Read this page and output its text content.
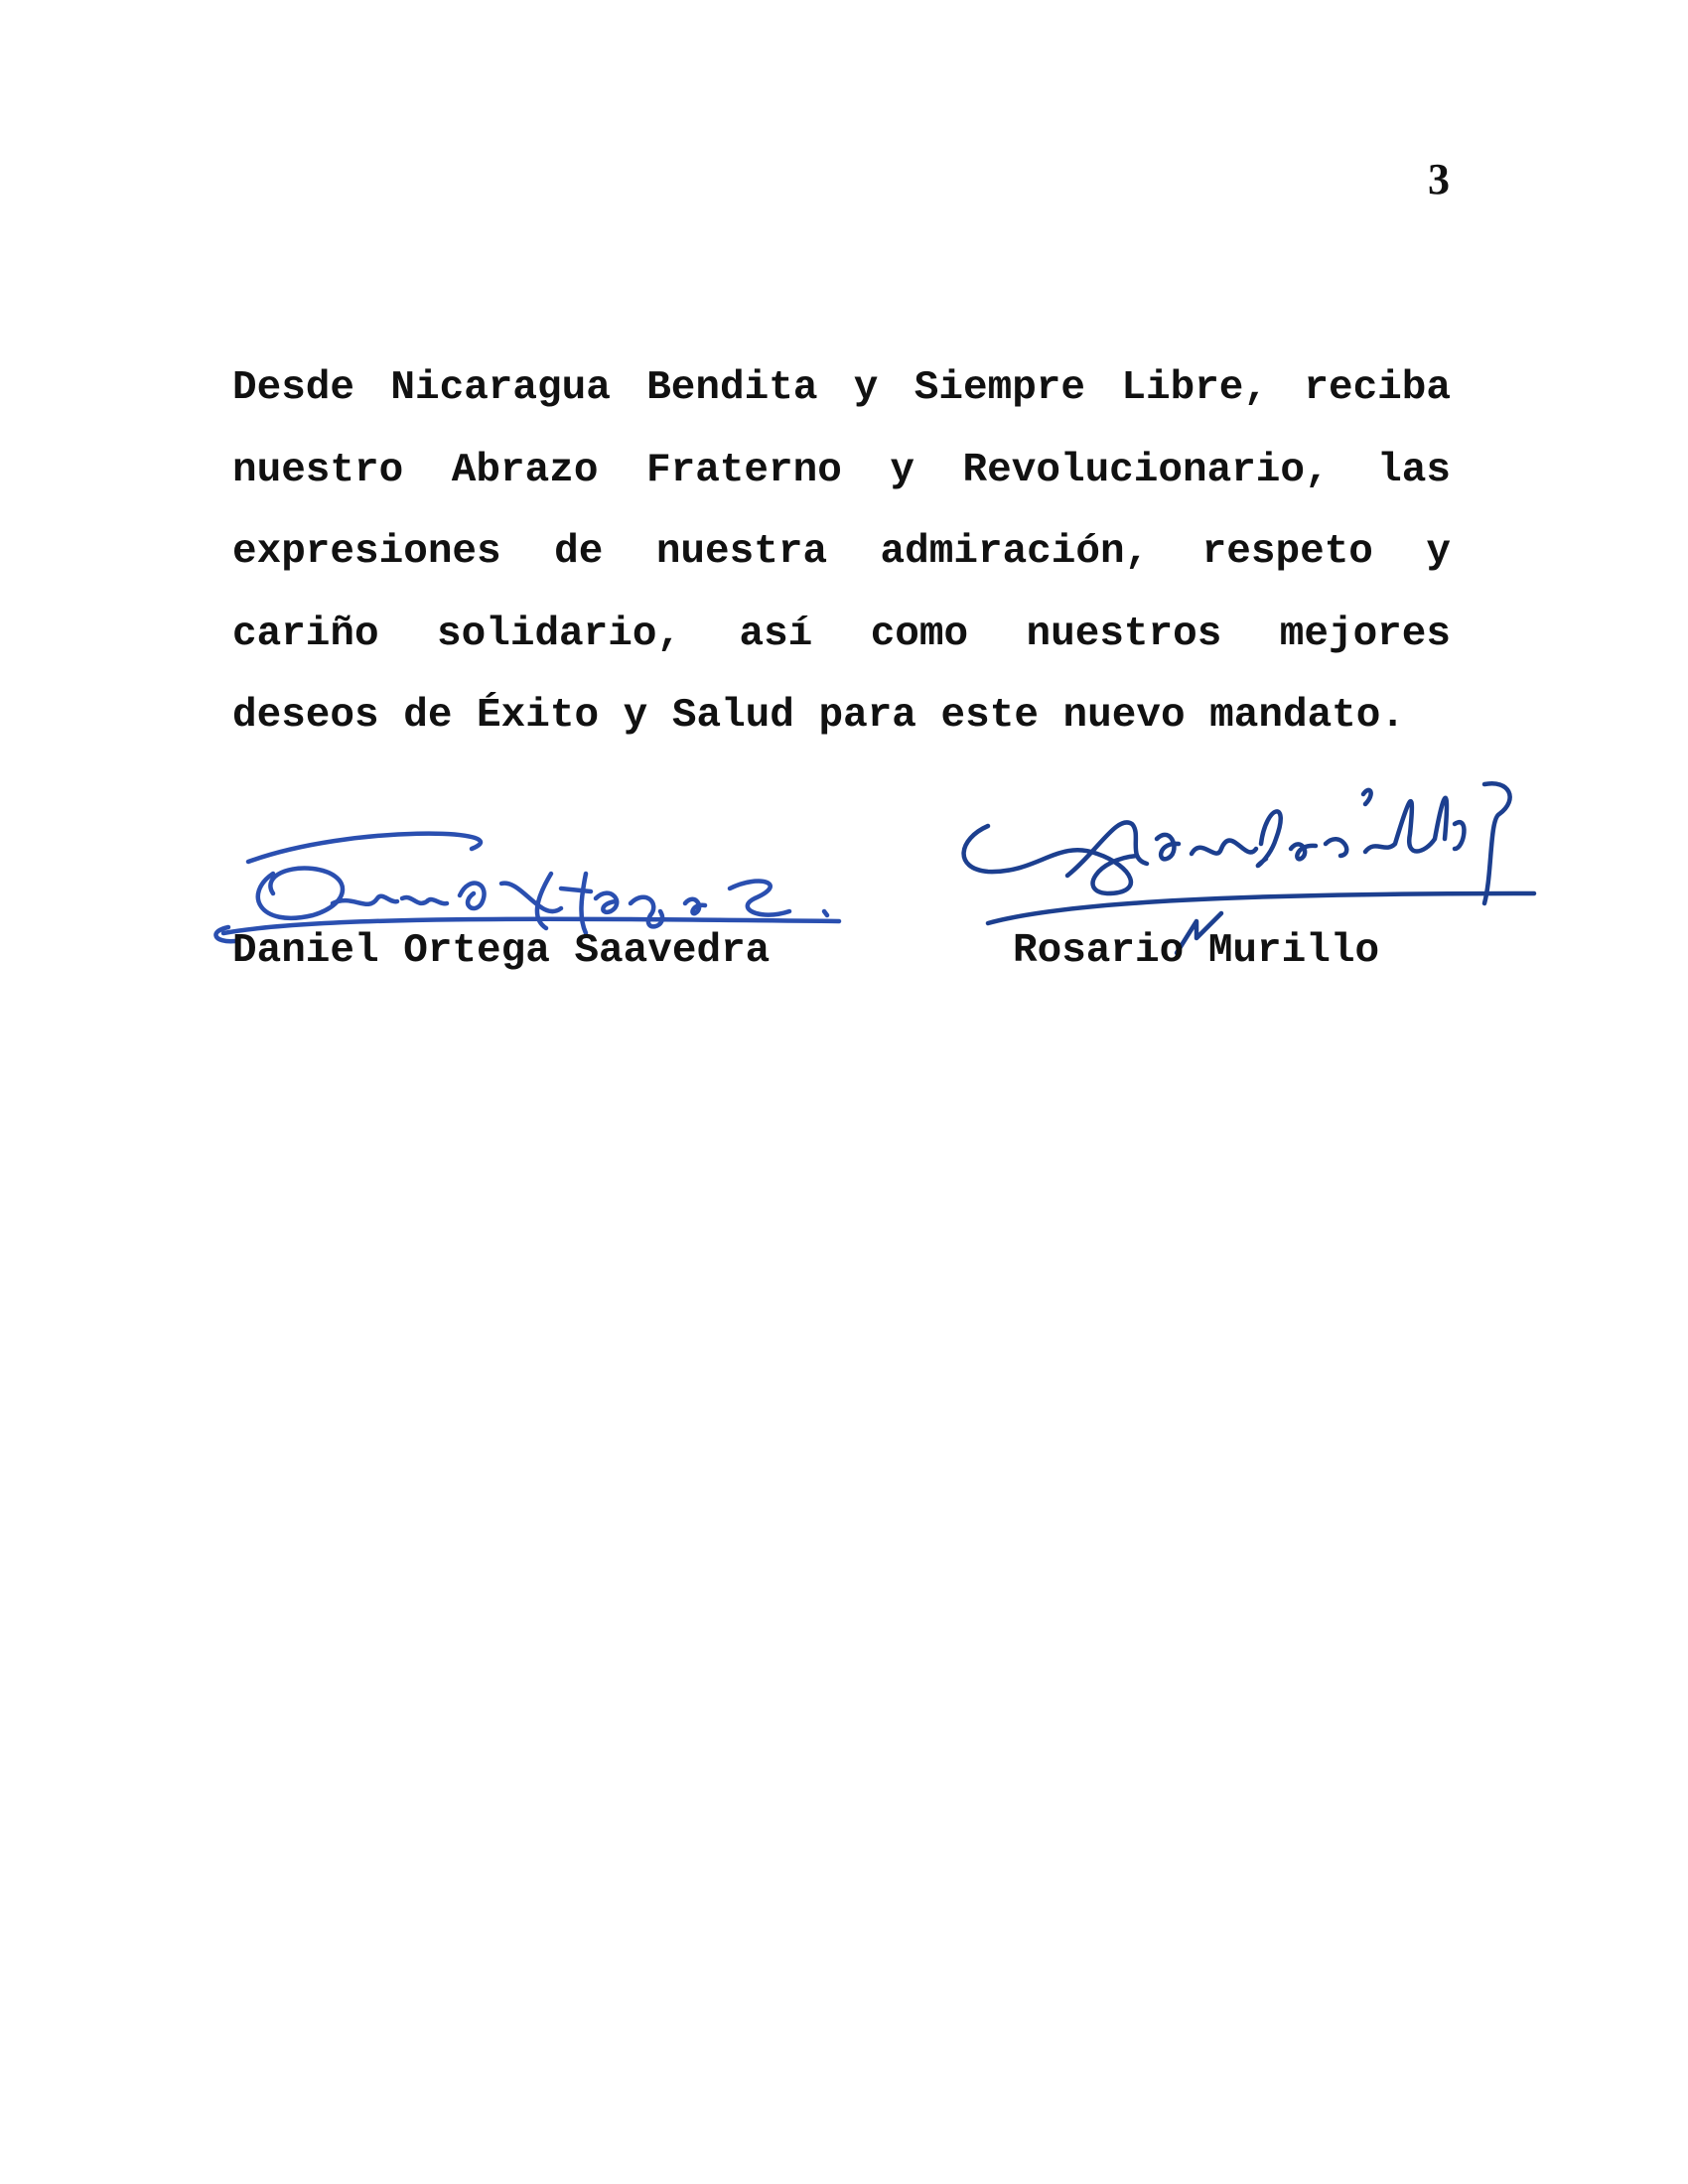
3
Desde Nicaragua Bendita y Siempre Libre, reciba
nuestro Abrazo Fraterno y Revolucionario, las
expresiones de nuestra admiración, respeto y
cariño solidario, así como nuestros mejores
deseos de Éxito y Salud para este nuevo mandato.
Daniel Ortega Saavedra	Rosario Murillo
